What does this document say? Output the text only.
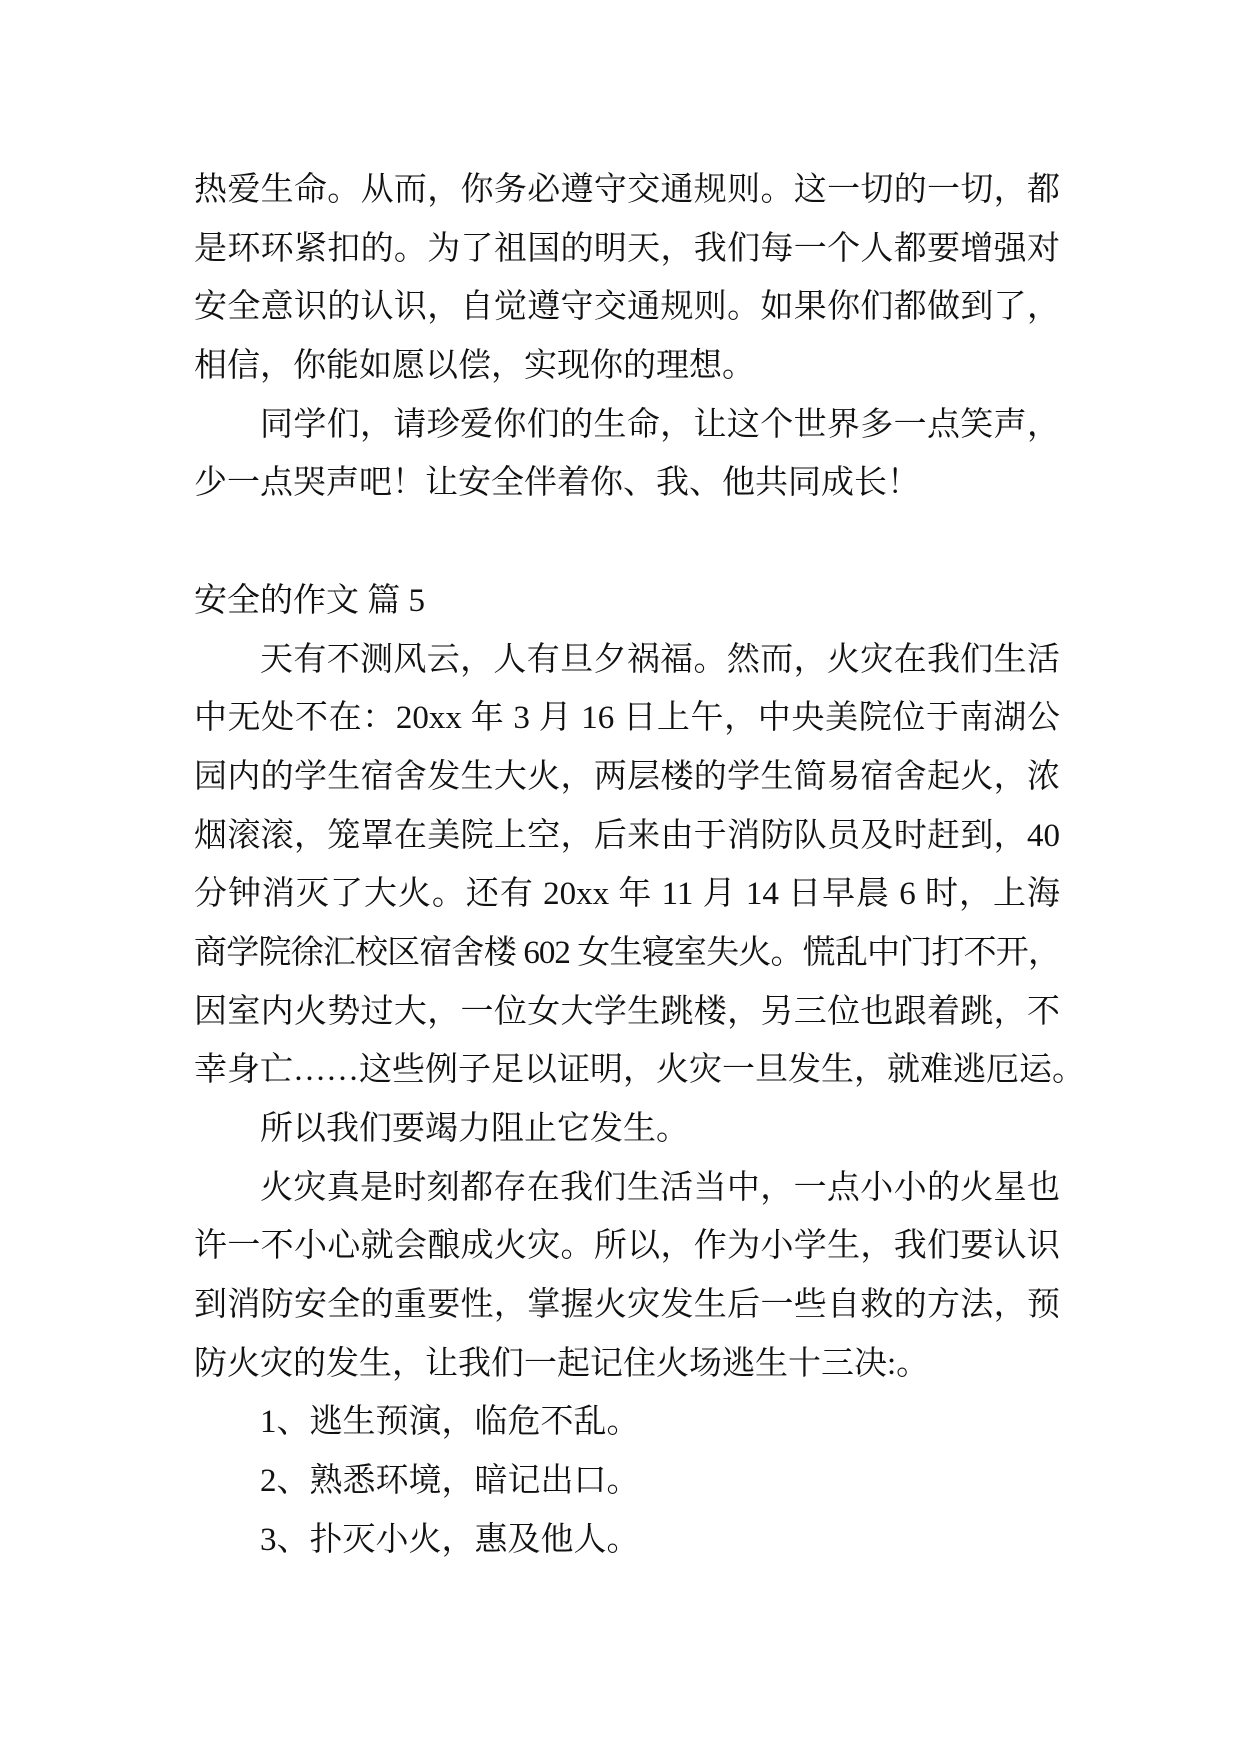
热爱生命。从而，你务必遵守交通规则。这一切的一切，都
是环环紧扣的。为了祖国的明天，我们每一个人都要增强对
安全意识的认识，自觉遵守交通规则。如果你们都做到了，
相信，你能如愿以偿，实现你的理想。
同学们，请珍爱你们的生命，让这个世界多一点笑声，
少一点哭声吧！让安全伴着你、我、他共同成长！
安全的作文 篇 5
天有不测风云，人有旦夕祸福。然而，火灾在我们生活
中无处不在：20xx 年 3 月 16 日上午，中央美院位于南湖公
园内的学生宿舍发生大火，两层楼的学生简易宿舍起火，浓
烟滚滚，笼罩在美院上空，后来由于消防队员及时赶到，40
分钟消灭了大火。还有 20xx 年 11 月 14 日早晨 6 时，上海
商学院徐汇校区宿舍楼 602 女生寝室失火。慌乱中门打不开，
因室内火势过大，一位女大学生跳楼，另三位也跟着跳，不
幸身亡……这些例子足以证明，火灾一旦发生，就难逃厄运。
所以我们要竭力阻止它发生。
火灾真是时刻都存在我们生活当中，一点小小的火星也
许一不小心就会酿成火灾。所以，作为小学生，我们要认识
到消防安全的重要性，掌握火灾发生后一些自救的方法，预
防火灾的发生，让我们一起记住火场逃生十三决:。
1、逃生预演，临危不乱。
2、熟悉环境，暗记出口。
3、扑灭小火，惠及他人。
